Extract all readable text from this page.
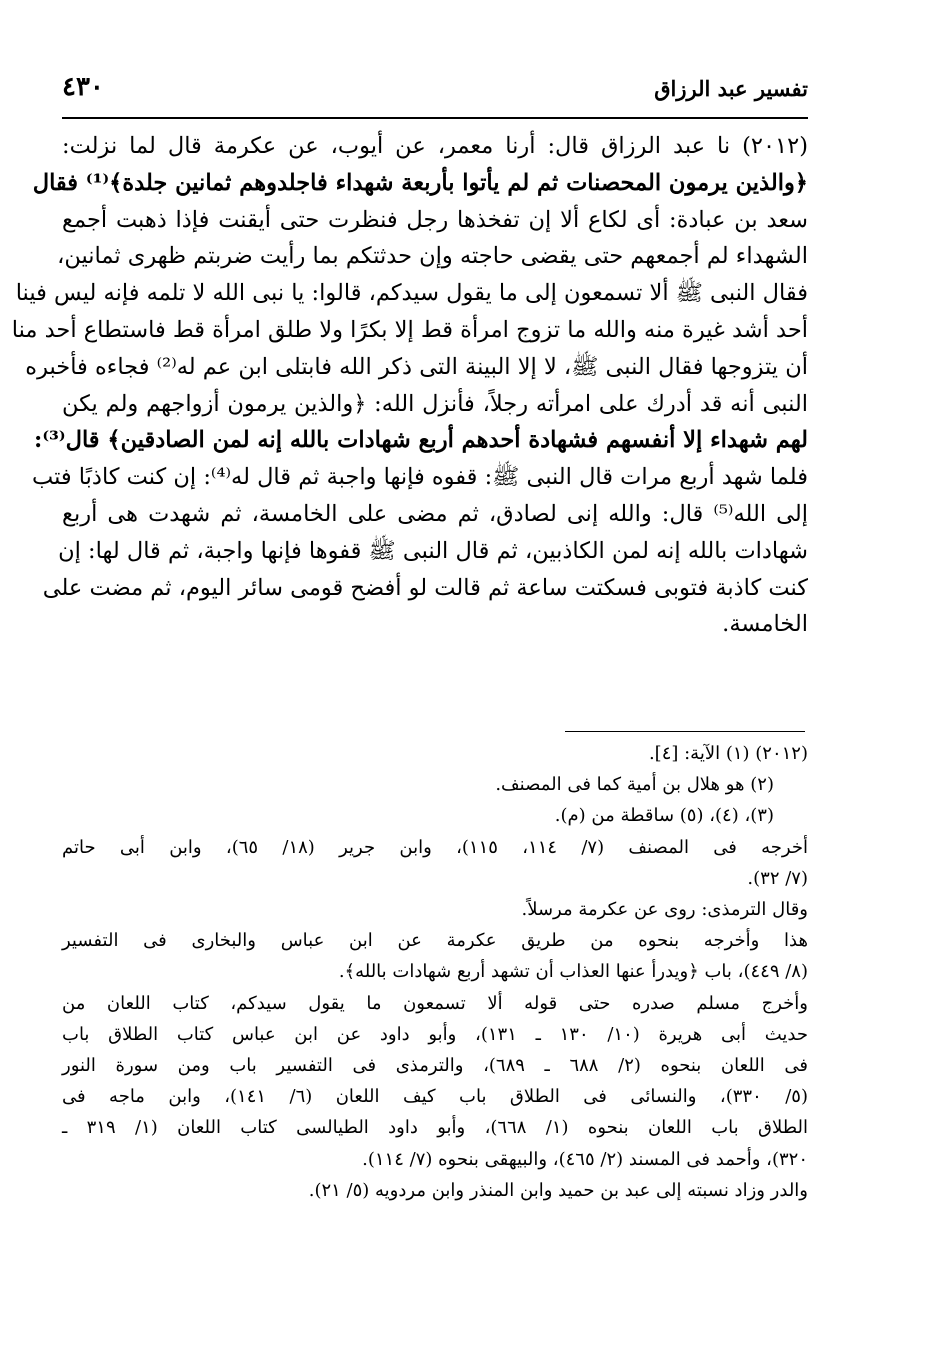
تفسير عبد الرزاق
٤٣٠
(٢٠١٢) نا عبد الرزاق قال: أرنا معمر، عن أيوب، عن عكرمة قال لما نزلت:
﴿والذين يرمون المحصنات ثم لم يأتوا بأربعة شهداء فاجلدوهم ثمانين جلدة﴾⁽¹⁾ فقال
سعد بن عبادة: أى لكاع ألا إن تفخذها رجل فنظرت حتى أيقنت فإذا ذهبت أجمع
الشهداء لم أجمعهم حتى يقضى حاجته وإن حدثتكم بما رأيت ضربتم ظهرى ثمانين،
فقال النبى ﷺ ألا تسمعون إلى ما يقول سيدكم، قالوا: يا نبى الله لا تلمه فإنه ليس فينا
أحد أشد غيرة منه والله ما تزوج امرأة قط إلا بكرًا ولا طلق امرأة قط فاستطاع أحد منا
أن يتزوجها فقال النبى ﷺ، لا إلا البينة التى ذكر الله فابتلى ابن عم له⁽²⁾ فجاءه فأخبره
النبى أنه قد أدرك على امرأته رجلاً، فأنزل الله: ﴿والذين يرمون أزواجهم ولم يكن
لهم شهداء إلا أنفسهم فشهادة أحدهم أربع شهادات بالله إنه لمن الصادقين﴾ قال⁽³⁾:
فلما شهد أربع مرات قال النبى ﷺ: قفوه فإنها واجبة ثم قال له⁽⁴⁾: إن كنت كاذبًا فتب
إلى الله⁽⁵⁾ قال: والله إنى لصادق، ثم مضى على الخامسة، ثم شهدت هى أربع
شهادات بالله إنه لمن الكاذبين، ثم قال النبى ﷺ قفوها فإنها واجبة، ثم قال لها: إن
كنت كاذبة فتوبى فسكتت ساعة ثم قالت لو أفضح قومى سائر اليوم، ثم مضت على
الخامسة.
(٢٠١٢) (١) الآية: [٤].
(٢) هو هلال بن أمية كما فى المصنف.
(٣)، (٤)، (٥) ساقطة من (م).
أخرجه فى المصنف (٧/ ١١٤، ١١٥)، وابن جرير (١٨/ ٦٥)، وابن أبى حاتم
(٧/ ٣٢).
وقال الترمذى: روى عن عكرمة مرسلاً.
هذا وأخرجه بنحوه من طريق عكرمة عن ابن عباس والبخارى فى التفسير
(٨/ ٤٤٩)، باب ﴿ويدرأ عنها العذاب أن تشهد أربع شهادات بالله﴾.
وأخرج مسلم صدره حتى قوله ألا تسمعون ما يقول سيدكم، كتاب اللعان من
حديث أبى هريرة (١٠/ ١٣٠ ـ ١٣١)، وأبو داود عن ابن عباس كتاب الطلاق باب
فى اللعان بنحوه (٢/ ٦٨٨ ـ ٦٨٩)، والترمذى فى التفسير باب ومن سورة النور
(٥/ ٣٣٠)، والنسائى فى الطلاق باب كيف اللعان (٦/ ١٤١)، وابن ماجه فى
الطلاق باب اللعان بنحوه (١/ ٦٦٨)، وأبو داود الطيالسى كتاب اللعان (١/ ٣١٩ ـ
٣٢٠)، وأحمد فى المسند (٢/ ٤٦٥)، والبيهقى بنحوه (٧/ ١١٤).
والدر وزاد نسبته إلى عبد بن حميد وابن المنذر وابن مردويه (٥/ ٢١).
